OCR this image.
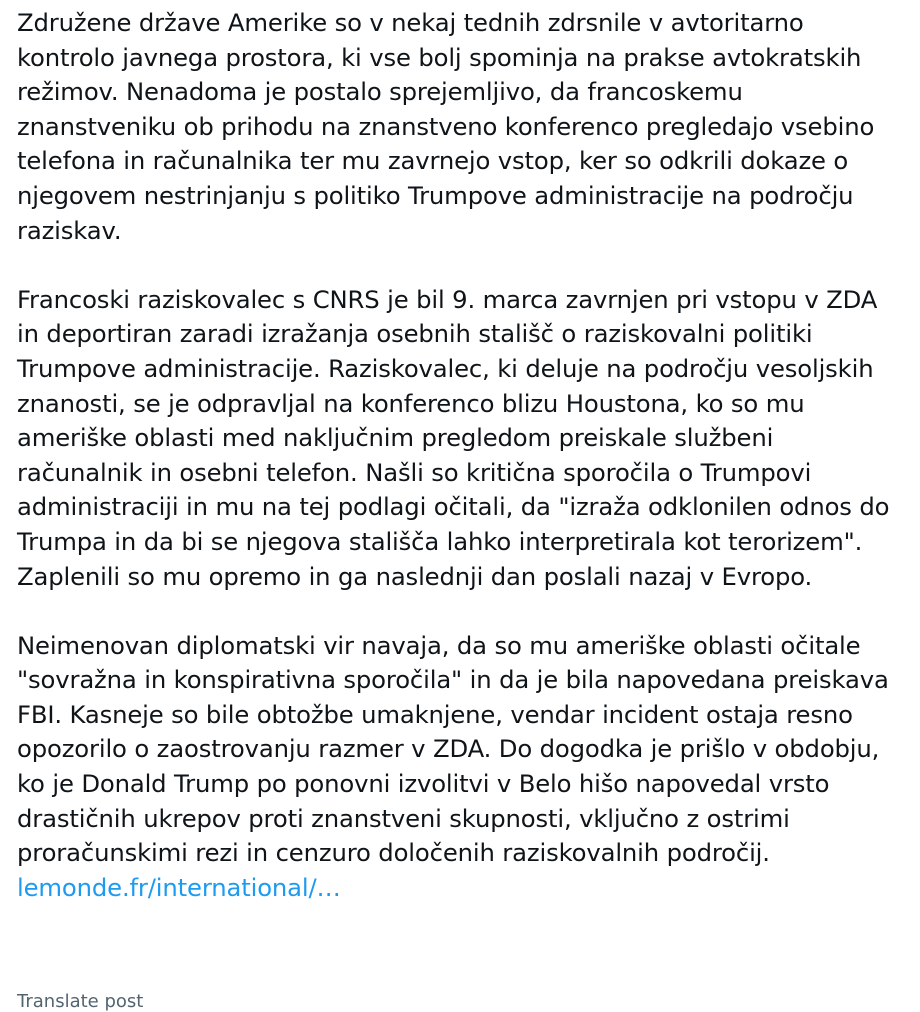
Združene države Amerike so v nekaj tednih zdrsnile v avtoritarno
kontrolo javnega prostora, ki vse bolj spominja na prakse avtokratskih
režimov. Nenadoma je postalo sprejemljivo, da francoskemu
znanstveniku ob prihodu na znanstveno konferenco pregledajo vsebino
telefona in računalnika ter mu zavrnejo vstop, ker so odkrili dokaze o
njegovem nestrinjanju s politiko Trumpove administracije na področju
raziskav.

Francoski raziskovalec s CNRS je bil 9. marca zavrnjen pri vstopu v ZDA
in deportiran zaradi izražanja osebnih stališč o raziskovalni politiki
Trumpove administracije. Raziskovalec, ki deluje na področju vesoljskih
znanosti, se je odpravljal na konferenco blizu Houstona, ko so mu
ameriške oblasti med naključnim pregledom preiskale službeni
računalnik in osebni telefon. Našli so kritična sporočila o Trumpovi
administraciji in mu na tej podlagi očitali, da "izraža odklonilen odnos do
Trumpa in da bi se njegova stališča lahko interpretirala kot terorizem".
Zaplenili so mu opremo in ga naslednji dan poslali nazaj v Evropo.

Neimenovan diplomatski vir navaja, da so mu ameriške oblasti očitale
"sovražna in konspirativna sporočila" in da je bila napovedana preiskava
FBI. Kasneje so bile obtožbe umaknjene, vendar incident ostaja resno
opozorilo o zaostrovanju razmer v ZDA. Do dogodka je prišlo v obdobju,
ko je Donald Trump po ponovni izvolitvi v Belo hišo napovedal vrsto
drastičnih ukrepov proti znanstveni skupnosti, vključno z ostrimi
proračunskimi rezi in cenzuro določenih raziskovalnih področij.

lemonde.fr/international/…
Translate post
